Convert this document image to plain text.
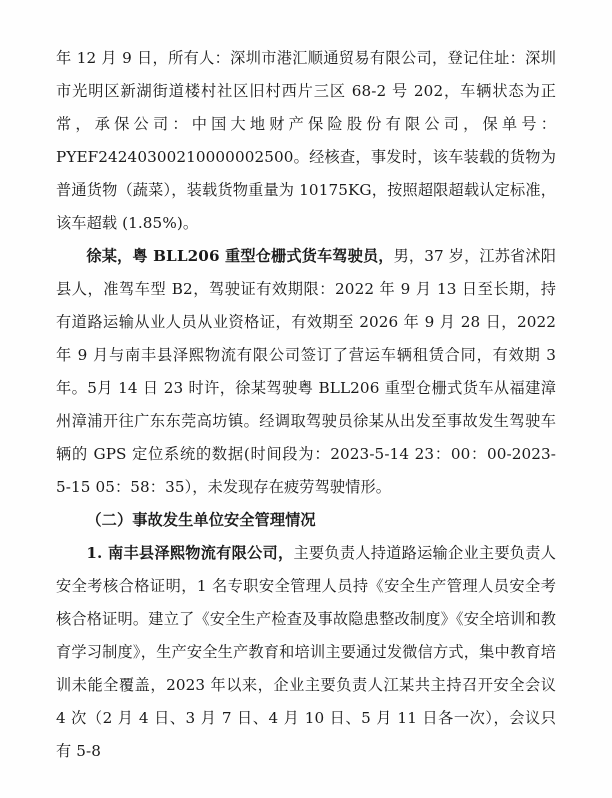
年 12 月 9 日，所有人：深圳市港汇顺通贸易有限公司，登记住址：深圳市光明区新湖街道楼村社区旧村西片三区 68-2 号 202，车辆状态为正常，承保公司：中国大地财产保险股份有限公司，保单号：PYEF24240300210000002500。经核查，事发时，该车装载的货物为普通货物（蔬菜），装载货物重量为 10175KG，按照超限超载认定标准，该车超载 (1.85%)。

徐某，粤 BLL206 重型仓栅式货车驾驶员，男，37 岁，江苏省沭阳县人，准驾车型 B2，驾驶证有效期限：2022 年 9 月 13 日至长期，持有道路运输从业人员从业资格证，有效期至 2026 年 9 月 28 日，2022 年 9 月与南丰县泽熙物流有限公司签订了营运车辆租赁合同，有效期 3 年。5月 14 日 23 时许，徐某驾驶粤 BLL206 重型仓栅式货车从福建漳州漳浦开往广东东莞高坊镇。经调取驾驶员徐某从出发至事故发生驾驶车辆的 GPS 定位系统的数据(时间段为：2023-5-14 23：00：00-2023-5-15 05：58：35），未发现存在疲劳驾驶情形。

（二）事故发生单位安全管理情况

1. 南丰县泽熙物流有限公司，主要负责人持道路运输企业主要负责人安全考核合格证明，1 名专职安全管理人员持《安全生产管理人员安全考核合格证明。建立了《安全生产检查及事故隐患整改制度》《安全培训和教育学习制度》，生产安全生产教育和培训主要通过发微信方式，集中教育培训未能全覆盖，2023 年以来，企业主要负责人江某共主持召开安全会议 4 次（2 月 4 日、3 月 7 日、4 月 10 日、5 月 11 日各一次），会议只有 5-8
